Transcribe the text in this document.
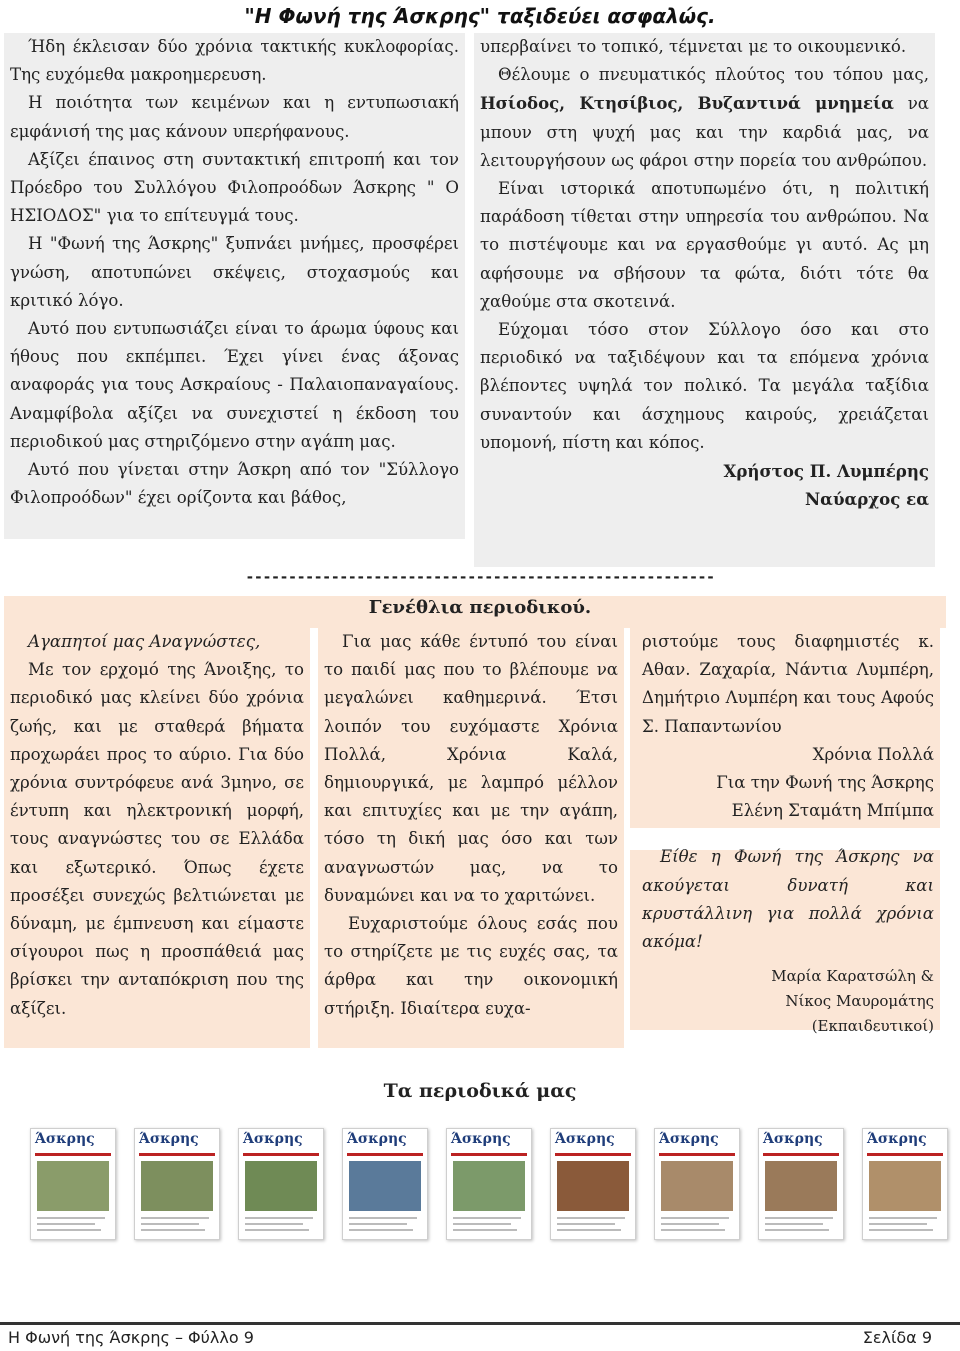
"Η Φωνή της Άσκρης" ταξιδεύει ασφαλώς.

Ήδη έκλεισαν δύο χρόνια τακτικής κυκλοφορίας. Της ευχόμεθα μακροημερευση.

Η ποιότητα των κειμένων και η εντυπωσιακή εμφάνισή της μας κάνουν υπερήφανους.

Αξίζει έπαινος στη συντακτική επιτροπή και τον Πρόεδρο του Συλλόγου Φιλοπροόδων Άσκρης " Ο ΗΣΙΟΔΟΣ" για το επίτευγμά τους.

Η "Φωνή της Άσκρης" ξυπνάει μνήμες, προσφέρει γνώση, αποτυπώνει σκέψεις, στοχασμούς και κριτικό λόγο.

Αυτό που εντυπωσιάζει είναι το άρωμα ύφους και ήθους που εκπέμπει. Έχει γίνει ένας άξονας αναφοράς για τους Ασκραίους - Παλαιοπαναγαίους. Αναμφίβολα αξίζει να συνεχιστεί η έκδοση του περιοδικού μας στηριζόμενο στην αγάπη μας.

Αυτό που γίνεται στην Άσκρη από τον "Σύλλογο Φιλοπροόδων" έχει ορίζοντα και βάθος,

υπερβαίνει το τοπικό, τέμνεται με το οικουμενικό.

Θέλουμε ο πνευματικός πλούτος του τόπου μας, Ησίοδος, Κτησίβιος, Βυζαντινά μνημεία να μπουν στη ψυχή μας και την καρδιά μας, να λειτουργήσουν ως φάροι στην πορεία του ανθρώπου.

Είναι ιστορικά αποτυπωμένο ότι, η πολιτική παράδοση τίθεται στην υπηρεσία του ανθρώπου. Να το πιστέψουμε και να εργασθούμε γι αυτό. Ας μη αφήσουμε να σβήσουν τα φώτα, διότι τότε θα χαθούμε στα σκοτεινά.

Εύχομαι τόσο στον Σύλλογο όσο και στο περιοδικό να ταξιδέψουν και τα επόμενα χρόνια βλέποντες υψηλά τον πολικό. Τα μεγάλα ταξίδια συναντούν και άσχημους καιρούς, χρειάζεται υπομονή, πίστη και κόπος.

Χρήστος Π. Λυμπέρης

Ναύαρχος εα

-------------------------------------------------------
Γενέθλια περιοδικού.

Αγαπητοί μας Αναγνώστες,

Με τον ερχομό της Άνοιξης, το περιοδικό μας κλείνει δύο χρόνια ζωής, και με σταθερά βήματα προχωράει προς το αύριο. Για δύο χρόνια συντρόφευε ανά 3μηνο, σε έντυπη και ηλεκτρονική μορφή, τους αναγνώστες του σε Ελλάδα και εξωτερικό. Όπως έχετε προσέξει συνεχώς βελτιώνεται με δύναμη, με έμπνευση και είμαστε σίγουροι πως η προσπάθειά μας βρίσκει την ανταπόκριση που της αξίζει.

Για μας κάθε έντυπό του είναι το παιδί μας που το βλέπουμε να μεγαλώνει καθημερινά. Έτσι λοιπόν του ευχόμαστε Χρόνια Πολλά, Χρόνια Καλά, δημιουργικά, με λαμπρό μέλλον και επιτυχίες και με την αγάπη, τόσο τη δική μας όσο και των αναγνωστών μας, να το δυναμώνει και να το χαριτώνει.

Ευχαριστούμε όλους εσάς που το στηρίζετε με τις ευχές σας, τα άρθρα και την οικονομική στήριξη. Ιδιαίτερα ευχα-

ριστούμε τους διαφημιστές κ. Αθαν. Ζαχαρία, Νάντια Λυμπέρη, Δημήτριο Λυμπέρη και τους Αφούς Σ. Παπαντωνίου

Χρόνια Πολλά

Για την Φωνή της Άσκρης

Ελένη Σταμάτη Μπίμπα

Είθε η Φωνή της Άσκρης να ακούγεται δυνατή και κρυστάλλινη για πολλά χρόνια ακόμα!

Μαρία Καρατσώλη &

Νίκος Μαυρομάτης

(Εκπαιδευτικοί)

Τα περιοδικά μας
Άσκρης	Άσκρης	Άσκρης	Άσκρης	Άσκρης	Άσκρης	Άσκρης	Άσκρης	Άσκρης
Η Φωνή της Άσκρης – Φύλλο 9	Σελίδα 9
